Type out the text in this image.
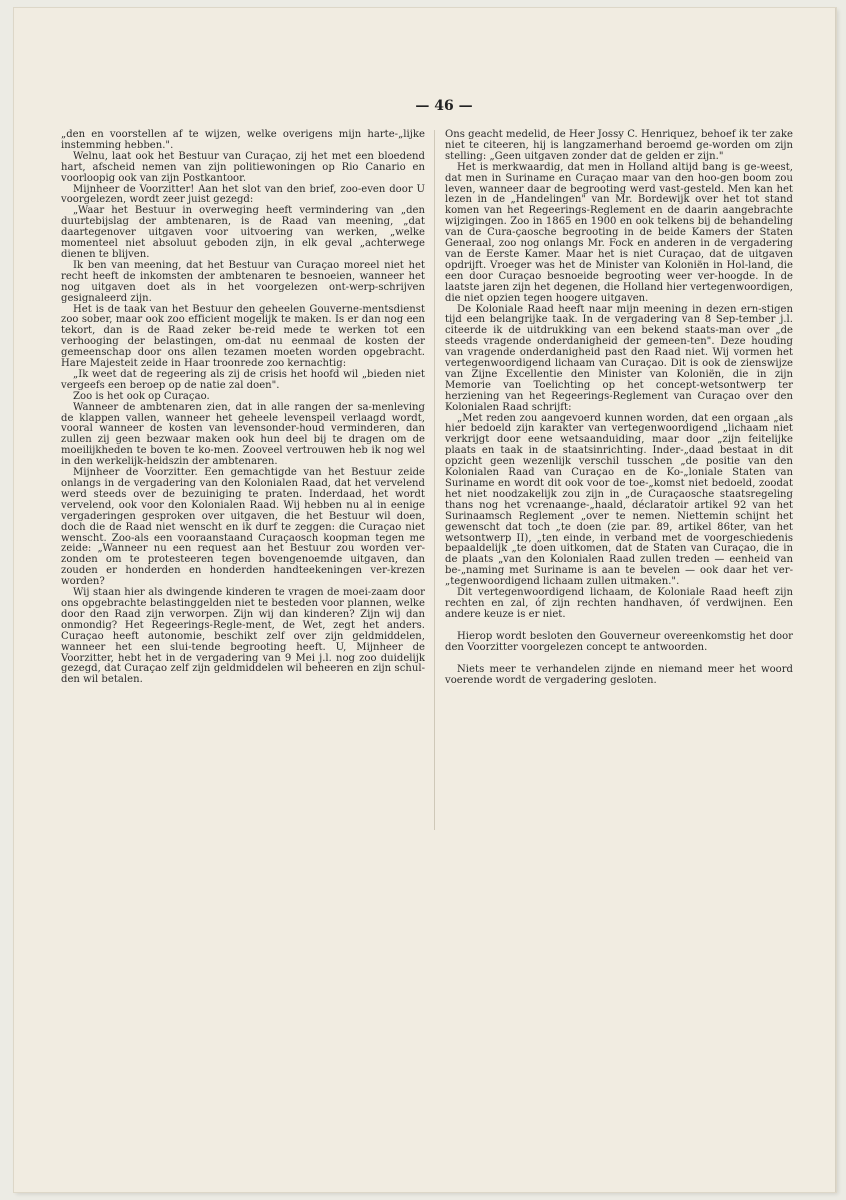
— 46 —

„den en voorstellen af te wijzen, welke overigens mijn harte-„lijke instemming hebben.".

Welnu, laat ook het Bestuur van Curaçao, zij het met een bloedend hart, afscheid nemen van zijn politiewoningen op Rio Canario en voorloopig ook van zijn Postkantoor.

Mijnheer de Voorzitter! Aan het slot van den brief, zoo-even door U voorgelezen, wordt zeer juist gezegd:

„Waar het Bestuur in overweging heeft vermindering van „den duurtebijslag der ambtenaren, is de Raad van meening, „dat daartegenover uitgaven voor uitvoering van werken, „welke momenteel niet absoluut geboden zijn, in elk geval „achterwege dienen te blijven.

Ik ben van meening, dat het Bestuur van Curaçao moreel niet het recht heeft de inkomsten der ambtenaren te besnoeien, wanneer het nog uitgaven doet als in het voorgelezen ont-werp-schrijven gesignaleerd zijn.

Het is de taak van het Bestuur den geheelen Gouverne-mentsdienst zoo sober, maar ook zoo efficient mogelijk te maken. Is er dan nog een tekort, dan is de Raad zeker be-reid mede te werken tot een verhooging der belastingen, om-dat nu eenmaal de kosten der gemeenschap door ons allen tezamen moeten worden opgebracht. Hare Majesteit zeide in Haar troonrede zoo kernachtig:

„Ik weet dat de regeering als zij de crisis het hoofd wil „bieden niet vergeefs een beroep op de natie zal doen".

Zoo is het ook op Curaçao.

Wanneer de ambtenaren zien, dat in alle rangen der sa-menleving de klappen vallen, wanneer het geheele levenspeil verlaagd wordt, vooral wanneer de kosten van levensonder-houd verminderen, dan zullen zij geen bezwaar maken ook hun deel bij te dragen om de moeilijkheden te boven te ko-men. Zooveel vertrouwen heb ik nog wel in den werkelijk-heidszin der ambtenaren.

Mijnheer de Voorzitter. Een gemachtigde van het Bestuur zeide onlangs in de vergadering van den Kolonialen Raad, dat het vervelend werd steeds over de bezuiniging te praten. Inderdaad, het wordt vervelend, ook voor den Kolonialen Raad. Wij hebben nu al in eenige vergaderingen gesproken over uitgaven, die het Bestuur wil doen, doch die de Raad niet wenscht en ik durf te zeggen: die Curaçao niet wenscht. Zoo-als een vooraanstaand Curaçaosch koopman tegen me zeide: „Wanneer nu een request aan het Bestuur zou worden ver-zonden om te protesteeren tegen bovengenoemde uitgaven, dan zouden er honderden en honderden handteekeningen ver-krezen worden?

Wij staan hier als dwingende kinderen te vragen de moei-zaam door ons opgebrachte belastinggelden niet te besteden voor plannen, welke door den Raad zijn verworpen. Zijn wij dan kinderen? Zijn wij dan onmondig? Het Regeerings-Regle-ment, de Wet, zegt het anders. Curaçao heeft autonomie, beschikt zelf over zijn geldmiddelen, wanneer het een slui-tende begrooting heeft. U, Mijnheer de Voorzitter, hebt het in de vergadering van 9 Mei j.l. nog zoo duidelijk gezegd, dat Curaçao zelf zijn geldmiddelen wil beheeren en zijn schul-den wil betalen.

Ons geacht medelid, de Heer Jossy C. Henriquez, behoef ik ter zake niet te citeeren, hij is langzamerhand beroemd ge-worden om zijn stelling: „Geen uitgaven zonder dat de gelden er zijn."

Het is merkwaardig, dat men in Holland altijd bang is ge-weest, dat men in Suriname en Curaçao maar van den hoo-gen boom zou leven, wanneer daar de begrooting werd vast-gesteld. Men kan het lezen in de „Handelingen" van Mr. Bordewijk over het tot stand komen van het Regeerings-Reglement en de daarin aangebrachte wijzigingen. Zoo in 1865 en 1900 en ook telkens bij de behandeling van de Cura-çaosche begrooting in de beide Kamers der Staten Generaal, zoo nog onlangs Mr. Fock en anderen in de vergadering van de Eerste Kamer. Maar het is niet Curaçao, dat de uitgaven opdrijft. Vroeger was het de Minister van Koloniën in Hol-land, die een door Curaçao besnoeide begrooting weer ver-hoogde. In de laatste jaren zijn het degenen, die Holland hier vertegenwoordigen, die niet opzien tegen hoogere uitgaven.

De Koloniale Raad heeft naar mijn meening in dezen ern-stigen tijd een belangrijke taak. In de vergadering van 8 Sep-tember j.l. citeerde ik de uitdrukking van een bekend staats-man over „de steeds vragende onderdanigheid der gemeen-ten". Deze houding van vragende onderdanigheid past den Raad niet. Wij vormen het vertegenwoordigend lichaam van Curaçao. Dit is ook de zienswijze van Zijne Excellentie den Minister van Koloniën, die in zijn Memorie van Toelichting op het concept-wetsontwerp ter herziening van het Regeerings-Reglement van Curaçao over den Kolonialen Raad schrijft:

„Met reden zou aangevoerd kunnen worden, dat een orgaan „als hier bedoeld zijn karakter van vertegenwoordigend „lichaam niet verkrijgt door eene wetsaanduiding, maar door „zijn feitelijke plaats en taak in de staatsinrichting. Inder-„daad bestaat in dit opzicht geen wezenlijk verschil tusschen „de positie van den Kolonialen Raad van Curaçao en de Ko-„loniale Staten van Suriname en wordt dit ook voor de toe-„komst niet bedoeld, zoodat het niet noodzakelijk zou zijn in „de Curaçaosche staatsregeling thans nog het vcrenaange-„haald, déclaratoir artikel 92 van het Surinaamsch Reglement „over te nemen. Niettemin schijnt het gewenscht dat toch „te doen (zie par. 89, artikel 86ter, van het wetsontwerp II), „ten einde, in verband met de voorgeschiedenis bepaaldelijk „te doen uitkomen, dat de Staten van Curaçao, die in de plaats „van den Kolonialen Raad zullen treden — eenheid van be-„naming met Suriname is aan te bevelen — ook daar het ver-„tegenwoordigend lichaam zullen uitmaken.".

Dit vertegenwoordigend lichaam, de Koloniale Raad heeft zijn rechten en zal, óf zijn rechten handhaven, óf verdwijnen. Een andere keuze is er niet.

Hierop wordt besloten den Gouverneur overeenkomstig het door den Voorzitter voorgelezen concept te antwoorden.

Niets meer te verhandelen zijnde en niemand meer het woord voerende wordt de vergadering gesloten.
